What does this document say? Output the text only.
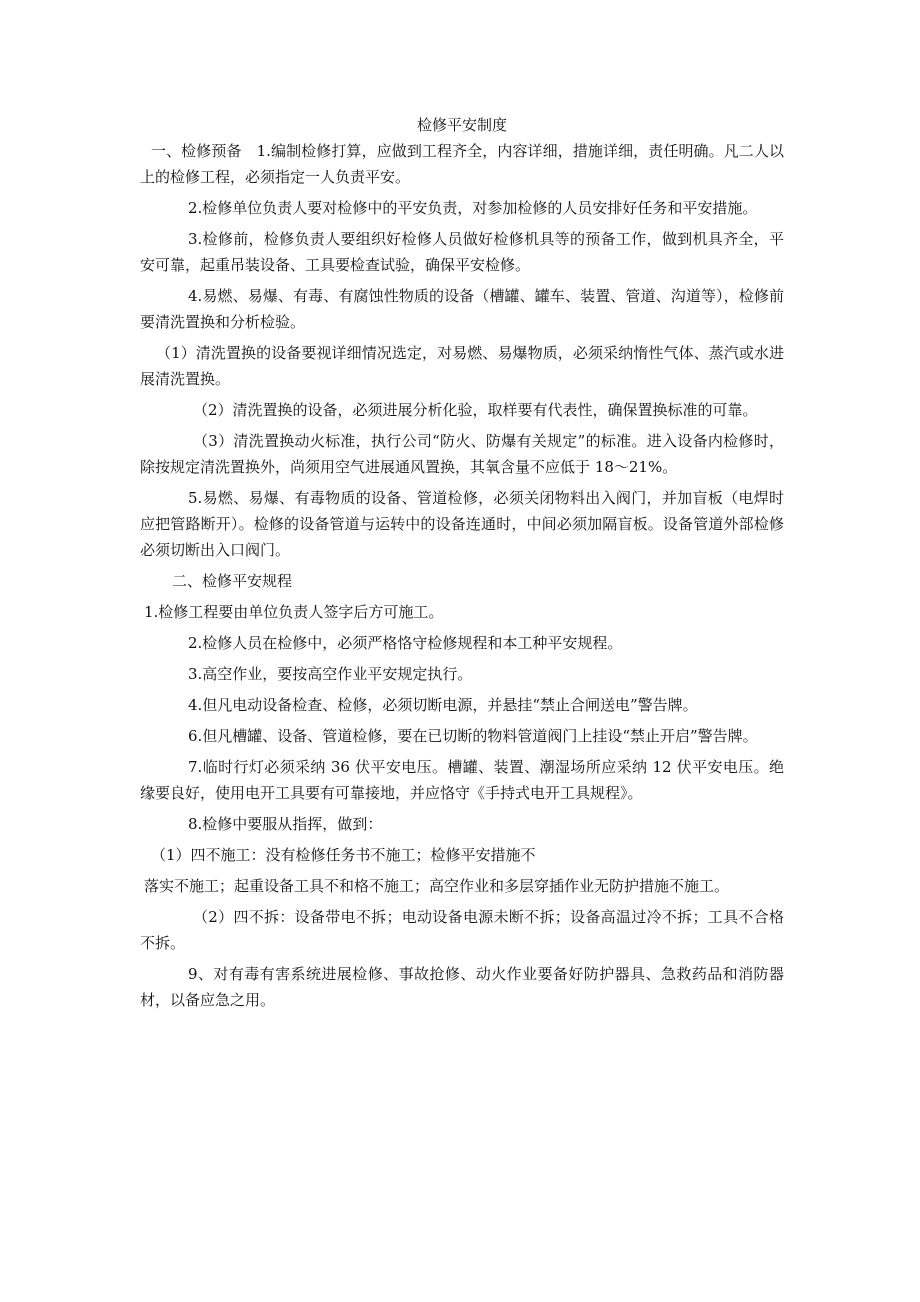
检修平安制度

一、检修预备　1.编制检修打算，应做到工程齐全，内容详细，措施详细，责任明确。凡二人以上的检修工程，必须指定一人负责平安。

2.检修单位负责人要对检修中的平安负责，对参加检修的人员安排好任务和平安措施。

3.检修前，检修负责人要组织好检修人员做好检修机具等的预备工作，做到机具齐全，平安可靠，起重吊装设备、工具要检查试验，确保平安检修。

4.易燃、易爆、有毒、有腐蚀性物质的设备（槽罐、罐车、装置、管道、沟道等），检修前要清洗置换和分析检验。

（1）清洗置换的设备要视详细情况选定，对易燃、易爆物质，必须采纳惰性气体、蒸汽或水进展清洗置换。

（2）清洗置换的设备，必须进展分析化验，取样要有代表性，确保置换标准的可靠。

（3）清洗置换动火标准，执行公司“防火、防爆有关规定”的标准。进入设备内检修时，除按规定清洗置换外，尚须用空气进展通风置换，其氧含量不应低于 18～21%。

5.易燃、易爆、有毒物质的设备、管道检修，必须关闭物料出入阀门，并加盲板（电焊时应把管路断开）。检修的设备管道与运转中的设备连通时，中间必须加隔盲板。设备管道外部检修必须切断出入口阀门。

二、检修平安规程

1.检修工程要由单位负责人签字后方可施工。

2.检修人员在检修中，必须严格恪守检修规程和本工种平安规程。

3.高空作业，要按高空作业平安规定执行。

4.但凡电动设备检查、检修，必须切断电源，并悬挂“禁止合闸送电”警告牌。

6.但凡槽罐、设备、管道检修，要在已切断的物料管道阀门上挂设“禁止开启”警告牌。

7.临时行灯必须采纳 36 伏平安电压。槽罐、装置、潮湿场所应采纳 12 伏平安电压。绝缘要良好，使用电开工具要有可靠接地，并应恪守《手持式电开工具规程》。

8.检修中要服从指挥，做到：

（1）四不施工：没有检修任务书不施工；检修平安措施不

落实不施工；起重设备工具不和格不施工；高空作业和多层穿插作业无防护措施不施工。

（2）四不拆：设备带电不拆；电动设备电源未断不拆；设备高温过冷不拆；工具不合格不拆。

9、对有毒有害系统进展检修、事故抢修、动火作业要备好防护器具、急救药品和消防器材，以备应急之用。
